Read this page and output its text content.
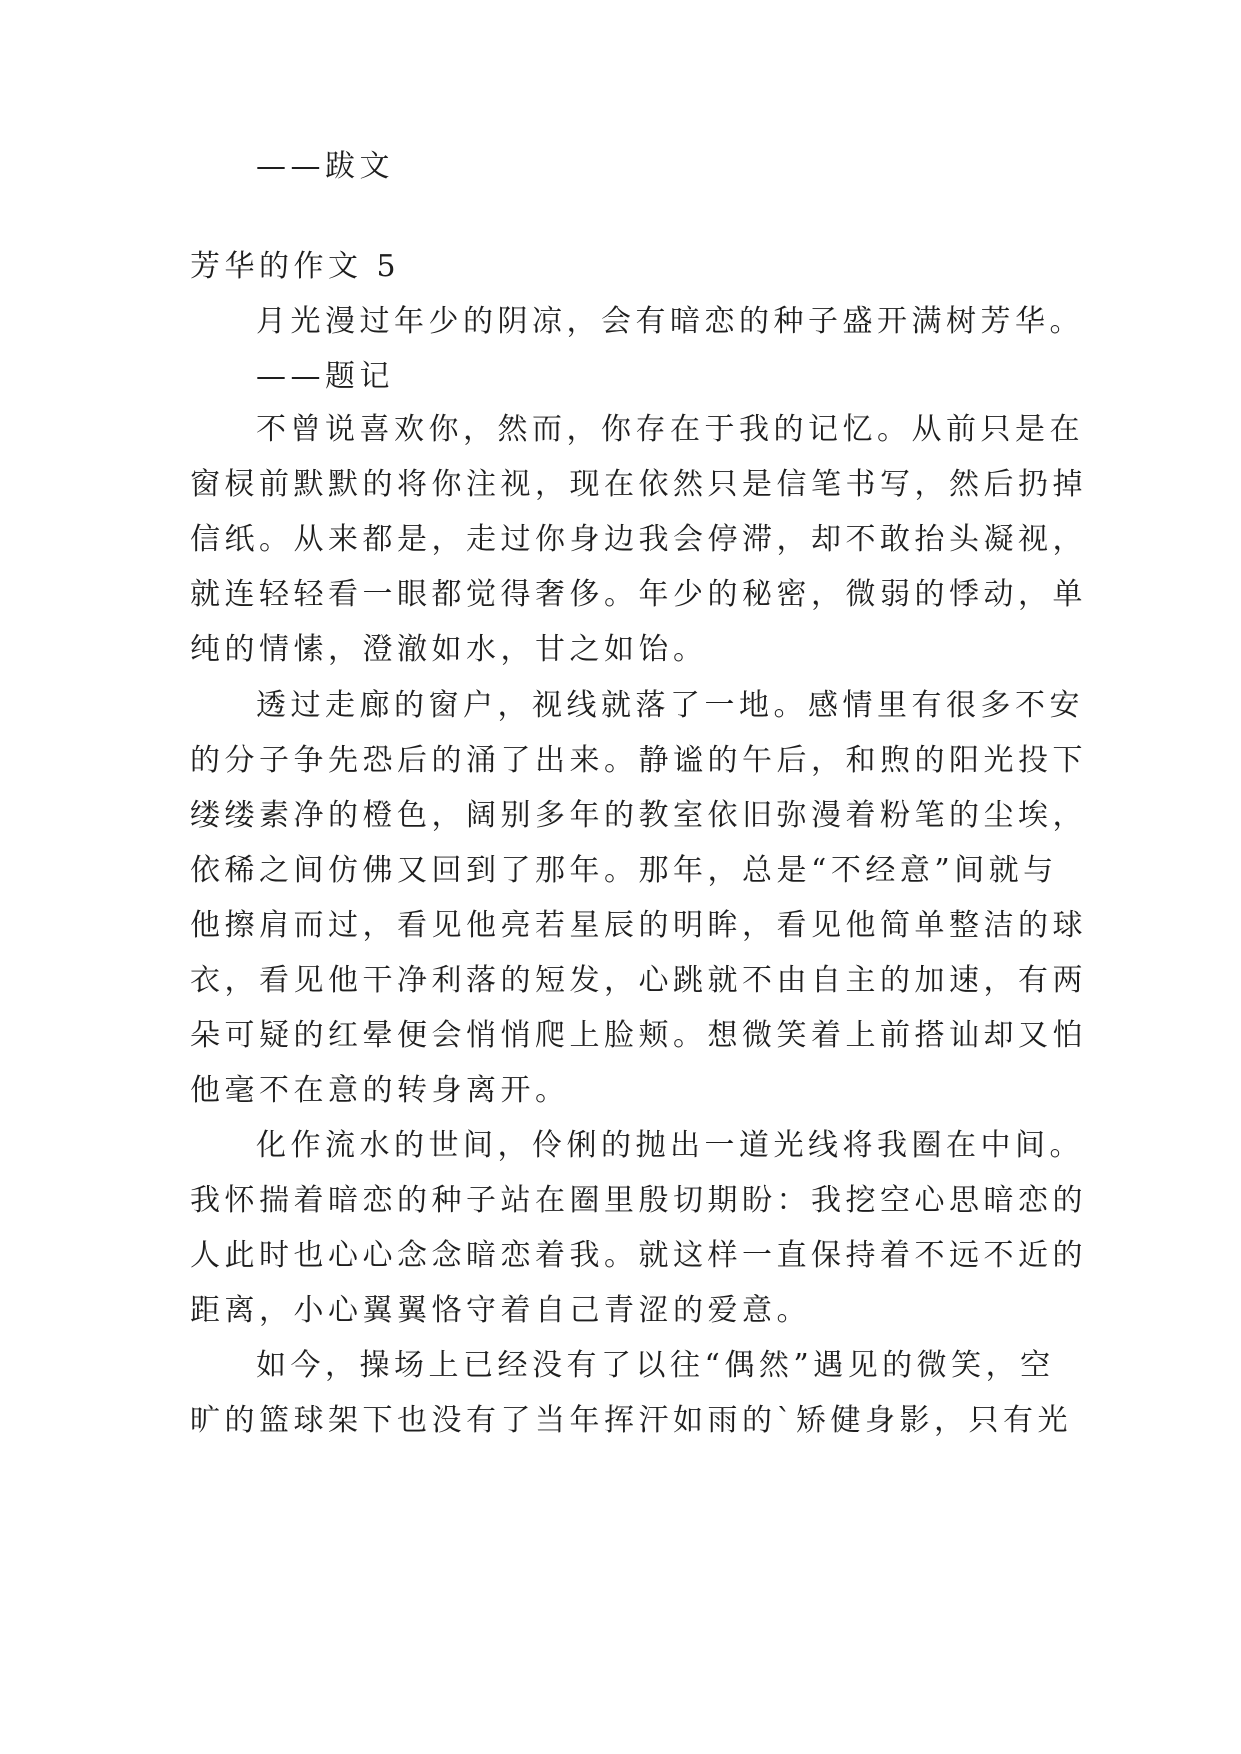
——跋文
芳华的作文 5
月光漫过年少的阴凉，会有暗恋的种子盛开满树芳华。
——题记
不曾说喜欢你，然而，你存在于我的记忆。从前只是在
窗棂前默默的将你注视，现在依然只是信笔书写，然后扔掉
信纸。从来都是，走过你身边我会停滞，却不敢抬头凝视，
就连轻轻看一眼都觉得奢侈。年少的秘密，微弱的悸动，单
纯的情愫，澄澈如水，甘之如饴。
透过走廊的窗户，视线就落了一地。感情里有很多不安
的分子争先恐后的涌了出来。静谧的午后，和煦的阳光投下
缕缕素净的橙色，阔别多年的教室依旧弥漫着粉笔的尘埃，
依稀之间仿佛又回到了那年。那年，总是“不经意”间就与
他擦肩而过，看见他亮若星辰的明眸，看见他简单整洁的球
衣，看见他干净利落的短发，心跳就不由自主的加速，有两
朵可疑的红晕便会悄悄爬上脸颊。想微笑着上前搭讪却又怕
他毫不在意的转身离开。
化作流水的世间，伶俐的抛出一道光线将我圈在中间。
我怀揣着暗恋的种子站在圈里殷切期盼：我挖空心思暗恋的
人此时也心心念念暗恋着我。就这样一直保持着不远不近的
距离，小心翼翼恪守着自己青涩的爱意。
如今，操场上已经没有了以往“偶然”遇见的微笑，空
旷的篮球架下也没有了当年挥汗如雨的`矫健身影，只有光
